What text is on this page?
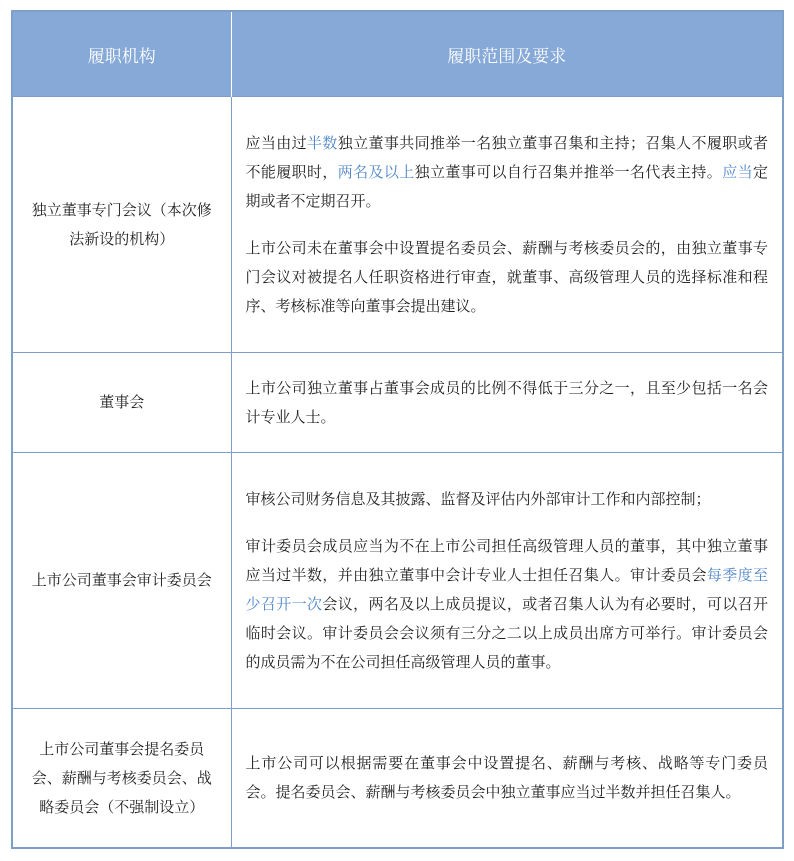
履职机构	履职范围及要求
独立董事专门会议（本次修法新设的机构）	应当由过半数独立董事共同推举一名独立董事召集和主持；召集人不履职或者不能履职时，两名及以上独立董事可以自行召集并推举一名代表主持。应当定期或者不定期召开。

上市公司未在董事会中设置提名委员会、薪酬与考核委员会的，由独立董事专门会议对被提名人任职资格进行审查，就董事、高级管理人员的选择标准和程序、考核标准等向董事会提出建议。

董事会	上市公司独立董事占董事会成员的比例不得低于三分之一，且至少包括一名会计专业人士。

上市公司董事会审计委员会	审核公司财务信息及其披露、监督及评估内外部审计工作和内部控制；

审计委员会成员应当为不在上市公司担任高级管理人员的董事，其中独立董事应当过半数，并由独立董事中会计专业人士担任召集人。审计委员会每季度至少召开一次会议，两名及以上成员提议，或者召集人认为有必要时，可以召开临时会议。审计委员会会议须有三分之二以上成员出席方可举行。审计委员会的成员需为不在公司担任高级管理人员的董事。

上市公司董事会提名委员会、薪酬与考核委员会、战略委员会（不强制设立）	上市公司可以根据需要在董事会中设置提名、薪酬与考核、战略等专门委员会。提名委员会、薪酬与考核委员会中独立董事应当过半数并担任召集人。
